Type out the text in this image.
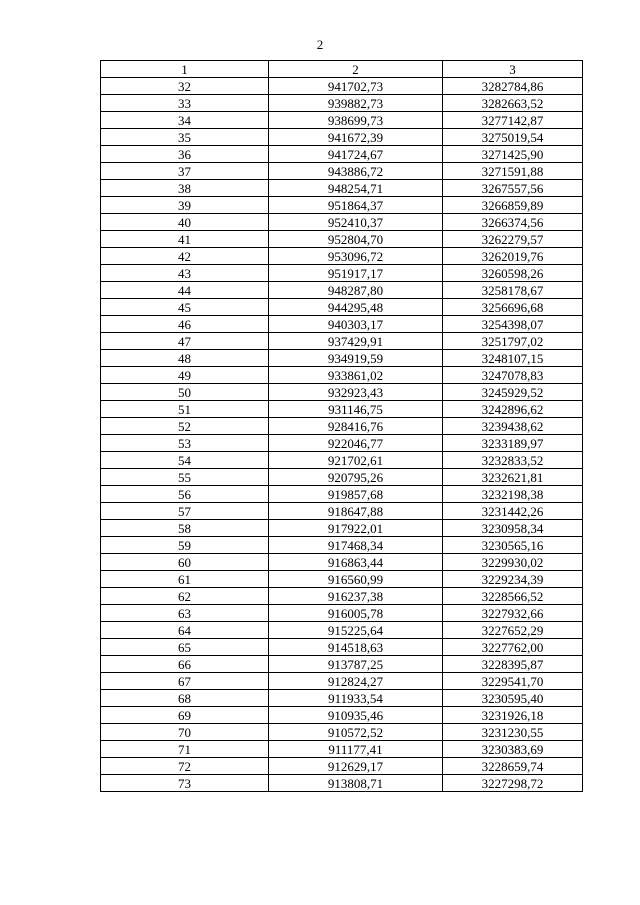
2
1	2	3
32	941702,73	3282784,86
33	939882,73	3282663,52
34	938699,73	3277142,87
35	941672,39	3275019,54
36	941724,67	3271425,90
37	943886,72	3271591,88
38	948254,71	3267557,56
39	951864,37	3266859,89
40	952410,37	3266374,56
41	952804,70	3262279,57
42	953096,72	3262019,76
43	951917,17	3260598,26
44	948287,80	3258178,67
45	944295,48	3256696,68
46	940303,17	3254398,07
47	937429,91	3251797,02
48	934919,59	3248107,15
49	933861,02	3247078,83
50	932923,43	3245929,52
51	931146,75	3242896,62
52	928416,76	3239438,62
53	922046,77	3233189,97
54	921702,61	3232833,52
55	920795,26	3232621,81
56	919857,68	3232198,38
57	918647,88	3231442,26
58	917922,01	3230958,34
59	917468,34	3230565,16
60	916863,44	3229930,02
61	916560,99	3229234,39
62	916237,38	3228566,52
63	916005,78	3227932,66
64	915225,64	3227652,29
65	914518,63	3227762,00
66	913787,25	3228395,87
67	912824,27	3229541,70
68	911933,54	3230595,40
69	910935,46	3231926,18
70	910572,52	3231230,55
71	911177,41	3230383,69
72	912629,17	3228659,74
73	913808,71	3227298,72
